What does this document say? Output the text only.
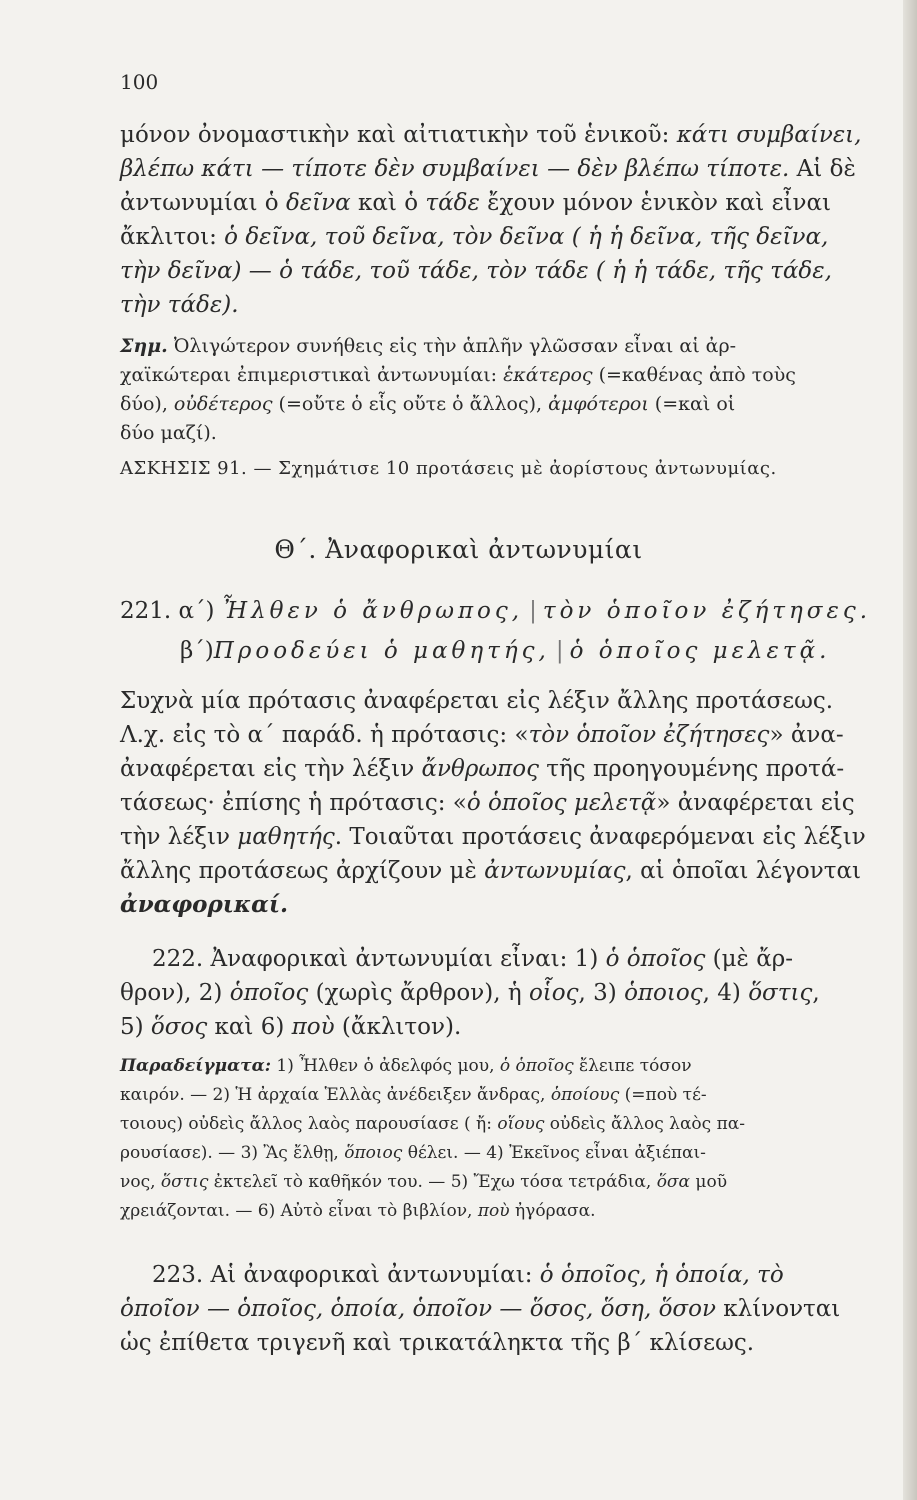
100
μόνον ὀνομαστικὴν καὶ αἰτιατικὴν τοῦ ἑνικοῦ: κάτι συμβαίνει,
βλέπω κάτι — τίποτε δὲν συμβαίνει — δὲν βλέπω τίποτε. Αἱ δὲ
ἀντωνυμίαι ὁ δεῖνα καὶ ὁ τάδε ἔχουν μόνον ἑνικὸν καὶ εἶναι
ἄκλιτοι: ὁ δεῖνα, τοῦ δεῖνα, τὸν δεῖνα ( ἡ ἡ δεῖνα, τῆς δεῖνα,
τὴν δεῖνα) — ὁ τάδε, τοῦ τάδε, τὸν τάδε ( ἡ ἡ τάδε, τῆς τάδε,
τὴν τάδε).
Σημ. Ὀλιγώτερον συνήθεις εἰς τὴν ἁπλῆν γλῶσσαν εἶναι αἱ ἀρ-
χαϊκώτεραι ἐπιμεριστικαὶ ἀντωνυμίαι: ἑκάτερος (=καθένας ἀπὸ τοὺς
δύο), οὐδέτερος (=οὔτε ὁ εἷς οὔτε ὁ ἄλλος), ἀμφότεροι (=καὶ οἱ
δύο μαζί).
ΑΣΚΗΣΙΣ 91. — Σχημάτισε 10 προτάσεις μὲ ἀορίστους ἀντωνυμίας.
Θ΄. Ἀναφορικαὶ ἀντωνυμίαι
221. α΄) Ἦλθεν ὁ ἄνθρωπος, | τὸν ὁποῖον ἐζήτησες.
β΄)Προοδεύει ὁ μαθητής, | ὁ ὁποῖος μελετᾷ.
Συχνὰ μία πρότασις ἀναφέρεται εἰς λέξιν ἄλλης προτάσεως.
Λ.χ. εἰς τὸ α΄ παράδ. ἡ πρότασις: «τὸν ὁποῖον ἐζήτησες» ἀνα-
ἀναφέρεται εἰς τὴν λέξιν ἄνθρωπος τῆς προηγουμένης προτά-
τάσεως· ἐπίσης ἡ πρότασις: «ὁ ὁποῖος μελετᾷ» ἀναφέρεται εἰς
τὴν λέξιν μαθητής. Τοιαῦται προτάσεις ἀναφερόμεναι εἰς λέξιν
ἄλλης προτάσεως ἀρχίζουν μὲ ἀντωνυμίας, αἱ ὁποῖαι λέγονται
ἀναφορικαί.
222. Ἀναφορικαὶ ἀντωνυμίαι εἶναι: 1) ὁ ὁποῖος (μὲ ἄρ-
θρον), 2) ὁποῖος (χωρὶς ἄρθρον), ἡ οἷος, 3) ὁποιος, 4) ὅστις,
5) ὅσος καὶ 6) ποὺ (ἄκλιτον).
Παραδείγματα: 1) Ἦλθεν ὁ ἀδελφός μου, ὁ ὁποῖος ἔλειπε τόσον
καιρόν. — 2) Ἡ ἀρχαία Ἑλλὰς ἀνέδειξεν ἄνδρας, ὁποίους (=ποὺ τέ-
τοιους) οὐδεὶς ἄλλος λαὸς παρουσίασε ( ἤ: οἵους οὐδεὶς ἄλλος λαὸς πα-
ρουσίασε). — 3) Ἂς ἔλθῃ, ὅποιος θέλει. — 4) Ἐκεῖνος εἶναι ἀξιέπαι-
νος, ὅστις ἐκτελεῖ τὸ καθῆκόν του. — 5) Ἔχω τόσα τετράδια, ὅσα μοῦ
χρειάζονται. — 6) Αὐτὸ εἶναι τὸ βιβλίον, ποὺ ἠγόρασα.
223. Αἱ ἀναφορικαὶ ἀντωνυμίαι: ὁ ὁποῖος, ἡ ὁποία, τὸ
ὁποῖον — ὁποῖος, ὁποία, ὁποῖον — ὅσος, ὅση, ὅσον κλίνονται
ὡς ἐπίθετα τριγενῆ καὶ τρικατάληκτα τῆς β΄ κλίσεως.
